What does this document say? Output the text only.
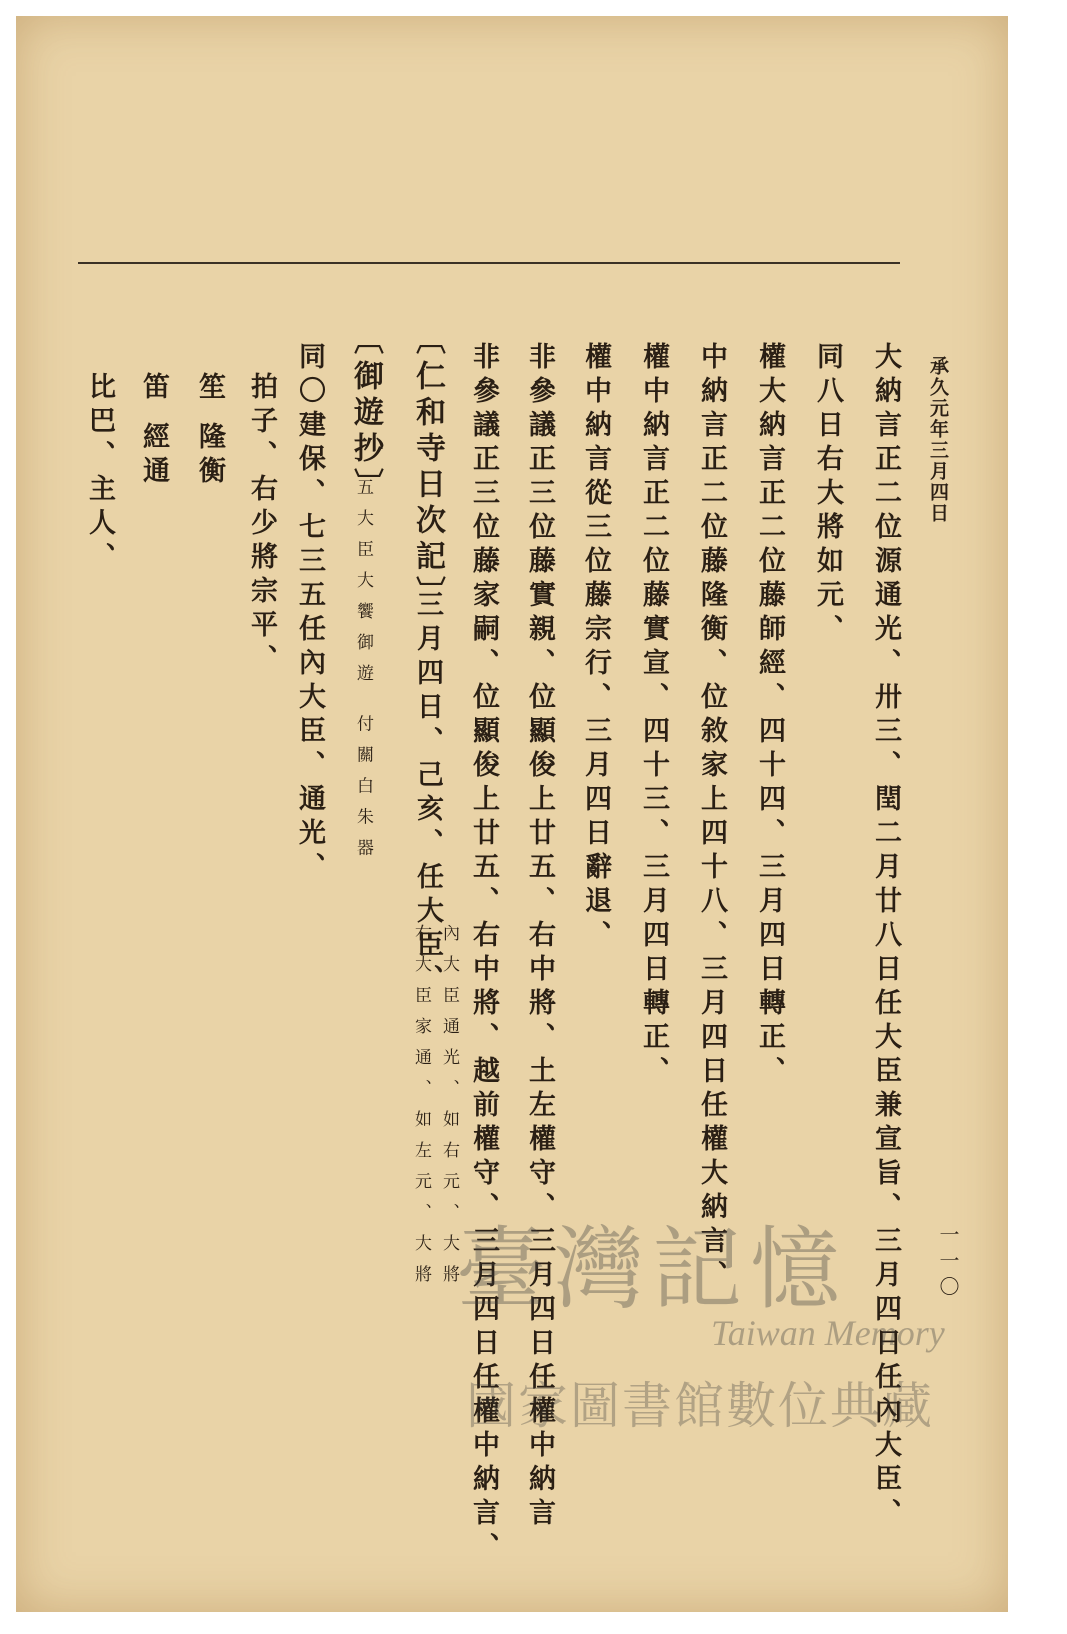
承久元年三月四日
大納言正二位源通光、卅三、閏二月廿八日任大臣兼宣旨、三月四日任內大臣、
同八日右大將如元、
權大納言正二位藤師經、四十四、三月四日轉正、
中納言正二位藤隆衡、位敘家上四十八、三月四日任權大納言、
權中納言正二位藤實宣、四十三、三月四日轉正、
權中納言從三位藤宗行、三月四日辭退、
非參議正三位藤實親、位顯俊上廿五、右中將、土左權守、三月四日任權中納言
非參議正三位藤家嗣、位顯俊上廿五、右中將、越前權守、三月四日任權中納言、
〔仁和寺日次記〕
三月四日、己亥、任大臣、
內大臣通光、如右元、大將
右大臣家通、如左元、大將
〔御遊抄〕
五大臣大饗御遊 付關白朱器
同〇建保、七三五任內大臣、通光、
拍子、右少將宗平、
笙 隆衡
笛 經通
比巴、主人、
一一〇
臺灣記憶
Taiwan Memory
國家圖書館數位典藏
